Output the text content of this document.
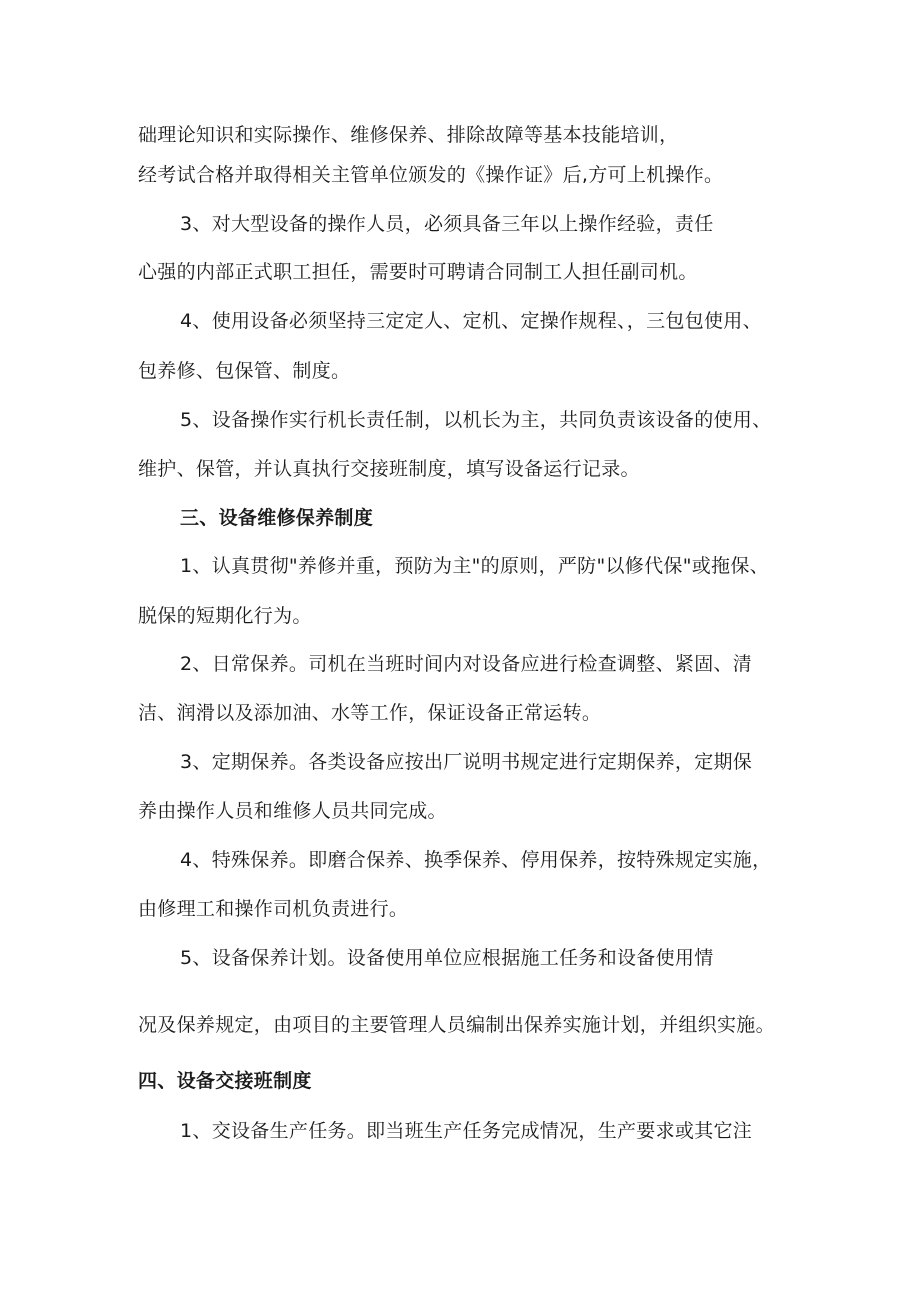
础理论知识和实际操作、维修保养、排除故障等基本技能培训，
经考试合格并取得相关主管单位颁发的《操作证》后,方可上机操作。
3、对大型设备的操作人员，必须具备三年以上操作经验，责任
心强的内部正式职工担任，需要时可聘请合同制工人担任副司机。
4、使用设备必须坚持三定定人、定机、定操作规程、，三包包使用、
包养修、包保管、制度。
5、设备操作实行机长责任制，以机长为主，共同负责该设备的使用、
维护、保管，并认真执行交接班制度，填写设备运行记录。
三、设备维修保养制度
1、认真贯彻"养修并重，预防为主"的原则，严防"以修代保"或拖保、
脱保的短期化行为。
2、日常保养。司机在当班时间内对设备应进行检查调整、紧固、清
洁、润滑以及添加油、水等工作，保证设备正常运转。
3、定期保养。各类设备应按出厂说明书规定进行定期保养，定期保
养由操作人员和维修人员共同完成。
4、特殊保养。即磨合保养、换季保养、停用保养，按特殊规定实施，
由修理工和操作司机负责进行。
5、设备保养计划。设备使用单位应根据施工任务和设备使用情
况及保养规定，由项目的主要管理人员编制出保养实施计划，并组织实施。
四、设备交接班制度
1、交设备生产任务。即当班生产任务完成情况，生产要求或其它注
